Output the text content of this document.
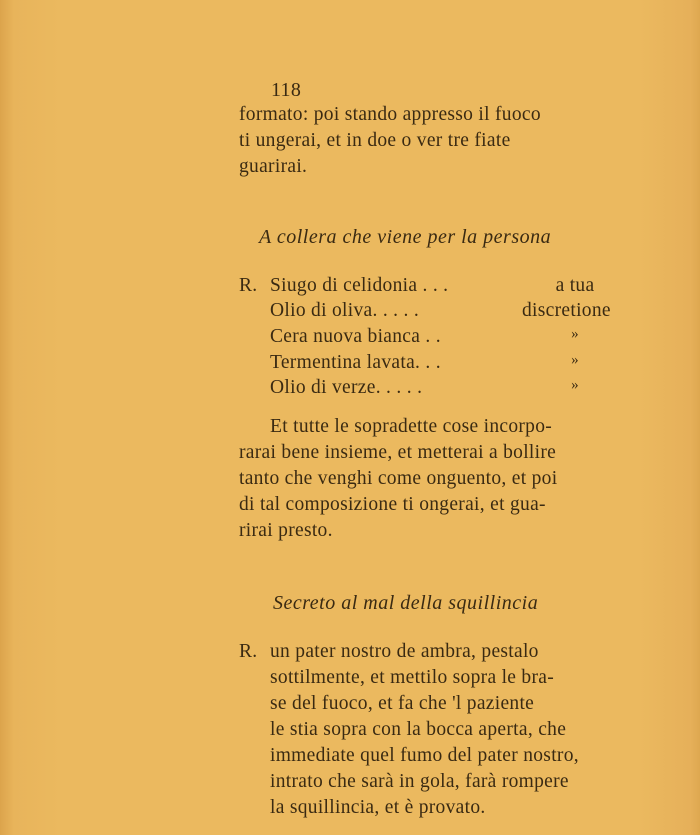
118
formato: poi stando appresso il fuoco
ti ungerai, et in doe o ver tre fiate
guarirai.
A collera che viene per la persona
R. Siugo di celidonia . . .	a tua
Olio di oliva. . . . .	discretione
Cera nuova bianca . .	»
Termentina lavata. . .	»
Olio di verze. . . . .	»
Et tutte le sopradette cose incorpo-
rarai bene insieme, et metterai a bollire
tanto che venghi come onguento, et poi
di tal composizione ti ongerai, et gua-
rirai presto.
Secreto al mal della squillincia
R. un pater nostro de ambra, pestalo
sottilmente, et mettilo sopra le bra-
se del fuoco, et fa che 'l paziente
le stia sopra con la bocca aperta, che
immediate quel fumo del pater nostro,
intrato che sarà in gola, farà rompere
la squillincia, et è provato.
